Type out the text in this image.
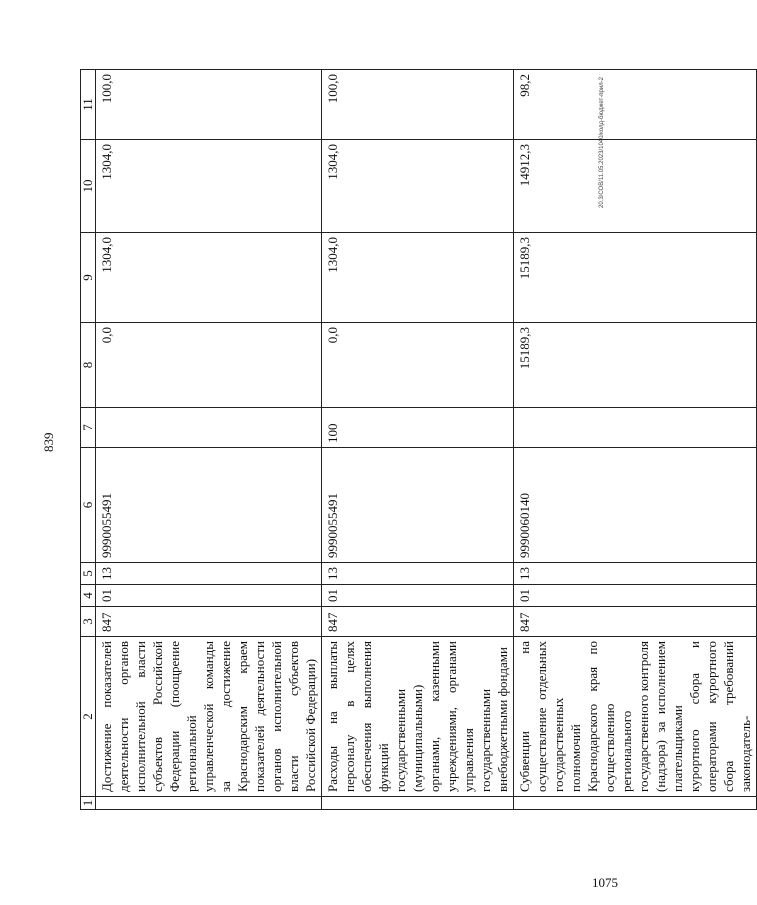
839
20.3/СОВ/11.05.2023/1040/колд-бюджет-прил-2
1	2	3	4	5	6	7	8	9	10	11
	Достижение показателей деятельности органов исполнительной власти субъектов Российской Федерации (поощрение региональной управленческой команды за достижение Краснодарским краем показателей деятельности органов исполнительной власти субъектов Российской Федерации)	847	01	13	9990055491		0,0	1304,0	1304,0	100,0
	Расходы на выплаты персоналу в целях обеспечения выполнения функций государственными (муниципальными) органами, казенными учреждениями, органами управления государственными внебюджетными фондами	847	01	13	9990055491	100	0,0	1304,0	1304,0	100,0
	Субвенции на осуществление отдельных государственных полномочий Краснодарского края по осуществлению регионального государственного контроля (надзора) за исполнением плательщиками курортного сбора и операторами курортного сбора требований законодатель-	847	01	13	9990060140		15189,3	15189,3	14912,3	98,2
1075
